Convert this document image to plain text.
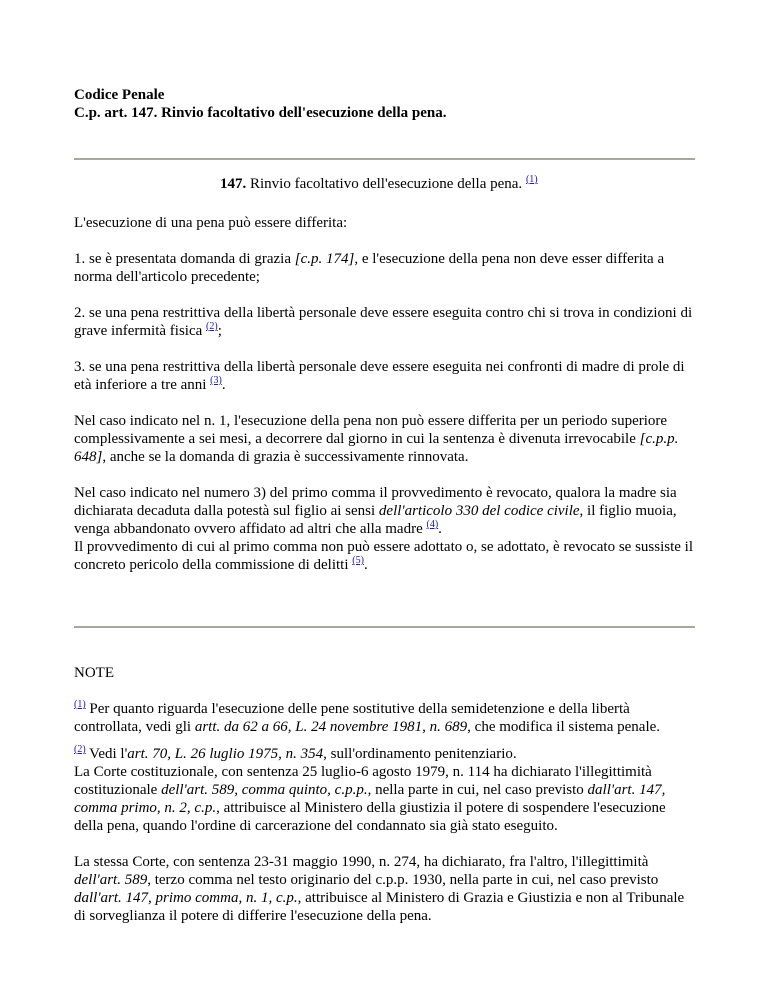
Codice Penale
C.p. art. 147. Rinvio facoltativo dell'esecuzione della pena.
147. Rinvio facoltativo dell'esecuzione della pena. $^{(1)}$

L'esecuzione di una pena può essere differita:

1. se è presentata domanda di grazia [c.p. 174], e l'esecuzione della pena non deve esser differita a norma dell'articolo precedente;

2. se una pena restrittiva della libertà personale deve essere eseguita contro chi si trova in condizioni di grave infermità fisica $^{(2)}$;

3. se una pena restrittiva della libertà personale deve essere eseguita nei confronti di madre di prole di età inferiore a tre anni $^{(3)}$.

Nel caso indicato nel n. 1, l'esecuzione della pena non può essere differita per un periodo superiore complessivamente a sei mesi, a decorrere dal giorno in cui la sentenza è divenuta irrevocabile [c.p.p. 648], anche se la domanda di grazia è successivamente rinnovata.

Nel caso indicato nel numero 3) del primo comma il provvedimento è revocato, qualora la madre sia dichiarata decaduta dalla potestà sul figlio ai sensi dell'articolo 330 del codice civile, il figlio muoia, venga abbandonato ovvero affidato ad altri che alla madre $^{(4)}$.

Il provvedimento di cui al primo comma non può essere adottato o, se adottato, è revocato se sussiste il concreto pericolo della commissione di delitti $^{(5)}$.

NOTE

$^{(1)}$ Per quanto riguarda l'esecuzione delle pene sostitutive della semidetenzione e della libertà controllata, vedi gli artt. da 62 a 66, L. 24 novembre 1981, n. 689, che modifica il sistema penale.

$^{(2)}$ Vedi l'art. 70, L. 26 luglio 1975, n. 354, sull'ordinamento penitenziario.
La Corte costituzionale, con sentenza 25 luglio-6 agosto 1979, n. 114 ha dichiarato l'illegittimità costituzionale dell'art. 589, comma quinto, c.p.p., nella parte in cui, nel caso previsto dall'art. 147, comma primo, n. 2, c.p., attribuisce al Ministero della giustizia il potere di sospendere l'esecuzione della pena, quando l'ordine di carcerazione del condannato sia già stato eseguito.

La stessa Corte, con sentenza 23-31 maggio 1990, n. 274, ha dichiarato, fra l'altro, l'illegittimità dell'art. 589, terzo comma nel testo originario del c.p.p. 1930, nella parte in cui, nel caso previsto dall'art. 147, primo comma, n. 1, c.p., attribuisce al Ministero di Grazia e Giustizia e non al Tribunale di sorveglianza il potere di differire l'esecuzione della pena.
